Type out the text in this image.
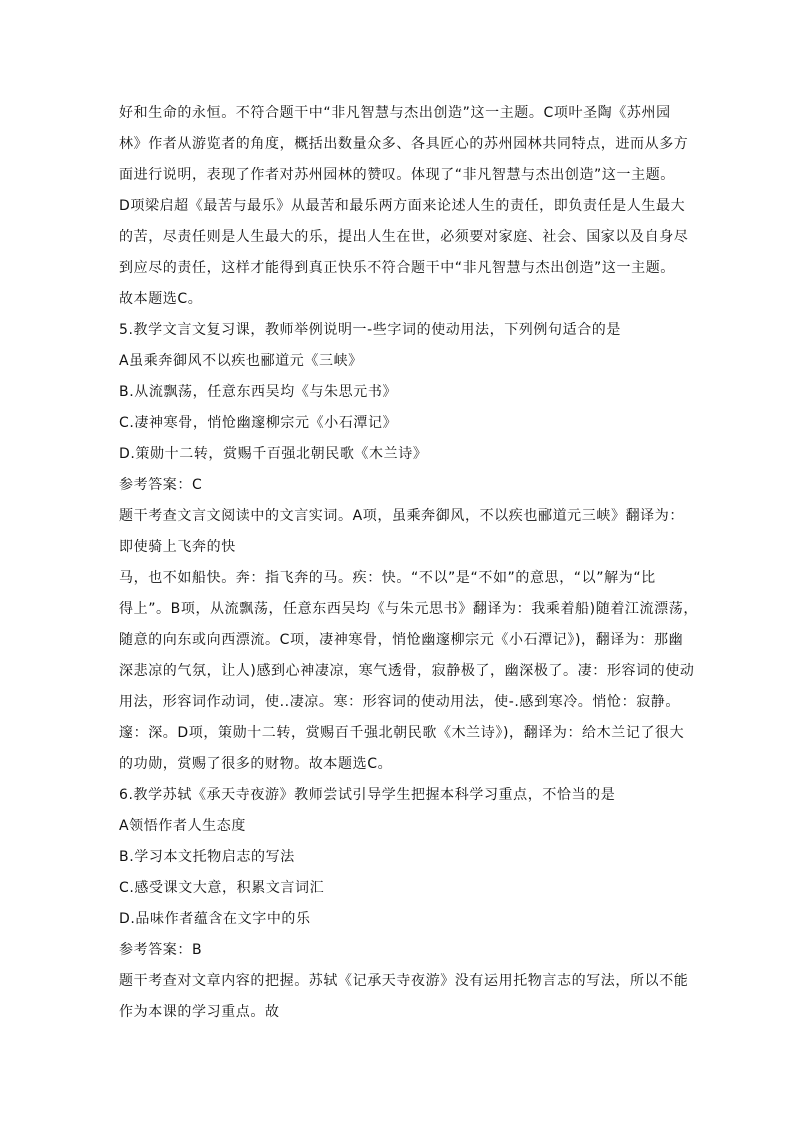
好和生命的永恒。不符合题干中“非凡智慧与杰出创造”这一主题。C项叶圣陶《苏州园
林》作者从游览者的角度，概括出数量众多、各具匠心的苏州园林共同特点，进而从多方
面进行说明，表现了作者对苏州园林的赞叹。体现了“非凡智慧与杰出创造”这一主题。
D项梁启超《最苦与最乐》从最苦和最乐两方面来论述人生的责任，即负责任是人生最大
的苦，尽责任则是人生最大的乐，提出人生在世，必须要对家庭、社会、国家以及自身尽
到应尽的责任，这样才能得到真正快乐不符合题干中“非凡智慧与杰出创造”这一主题。
故本题选C。
5.教学文言文复习课，教师举例说明一-些字词的使动用法，下列例句适合的是
A虽乘奔御风不以疾也郦道元《三峡》
B.从流飘荡，任意东西吴均《与朱思元书》
C.凄神寒骨，悄怆幽邃柳宗元《小石潭记》
D.策勋十二转，赏赐千百强北朝民歌《木兰诗》
参考答案：C
题干考查文言文阅读中的文言实词。A项，虽乘奔御风，不以疾也郦道元三峡》翻译为：
即使骑上飞奔的快
马，也不如船快。奔：指飞奔的马。疾：快。“不以”是“不如”的意思，“以”解为“比
得上”。B项，从流飘荡，任意东西吴均《与朱元思书》翻译为：我乘着船)随着江流漂荡，
随意的向东或向西漂流。C项，凄神寒骨，悄怆幽邃柳宗元《小石潭记》)，翻译为：那幽
深悲凉的气氛，让人)感到心神凄凉，寒气透骨，寂静极了，幽深极了。凄：形容词的使动
用法，形容词作动词，使..凄凉。寒：形容词的使动用法，使-.感到寒冷。悄怆：寂静。
邃：深。D项，策勋十二转，赏赐百千强北朝民歌《木兰诗》)，翻译为：给木兰记了很大
的功勋，赏赐了很多的财物。故本题选C。
6.教学苏轼《承天寺夜游》教师尝试引导学生把握本科学习重点，不恰当的是
A领悟作者人生态度
B.学习本文托物启志的写法
C.感受课文大意，积累文言词汇
D.品味作者蕴含在文字中的乐
参考答案：B
题干考查对文章内容的把握。苏轼《记承天寺夜游》没有运用托物言志的写法，所以不能
作为本课的学习重点。故
